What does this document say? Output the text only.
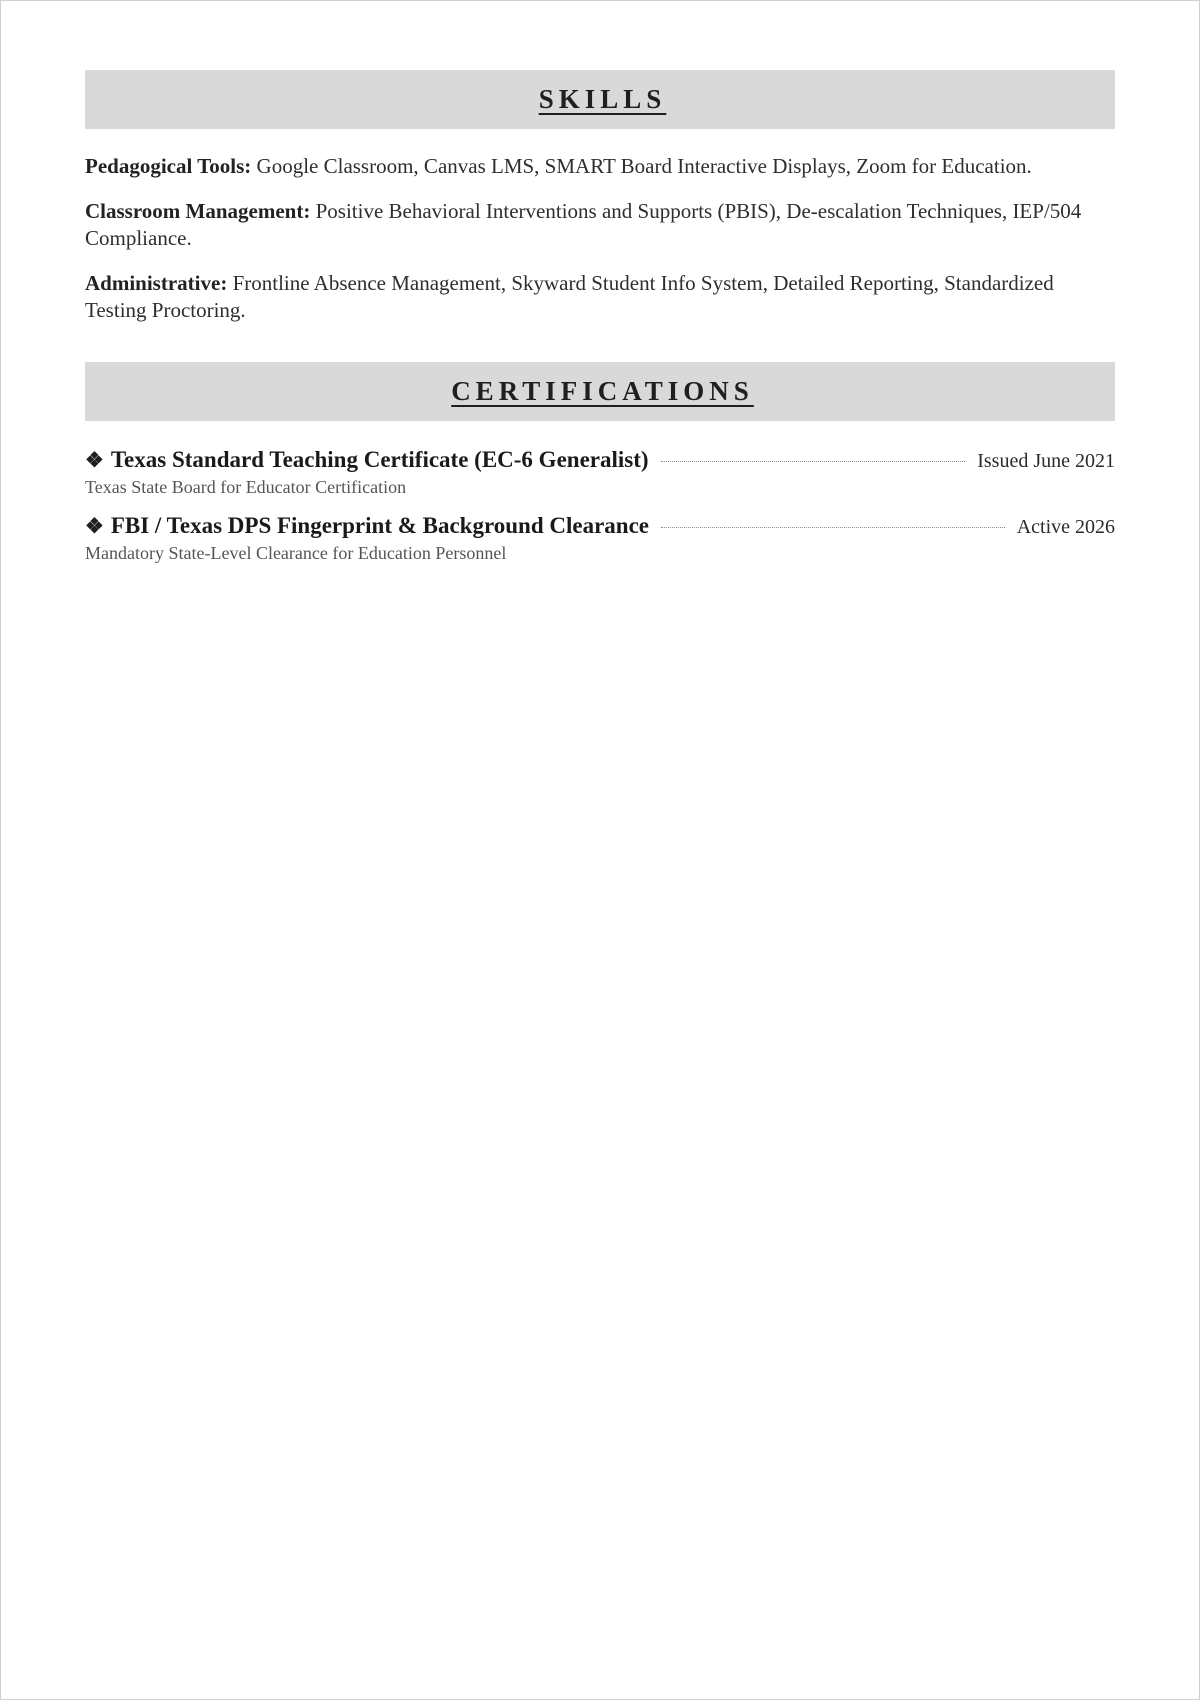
SKILLS

Pedagogical Tools: Google Classroom, Canvas LMS, SMART Board Interactive Displays, Zoom for Education.

Classroom Management: Positive Behavioral Interventions and Supports (PBIS), De-escalation Techniques, IEP/504 Compliance.

Administrative: Frontline Absence Management, Skyward Student Info System, Detailed Reporting, Standardized Testing Proctoring.

CERTIFICATIONS
❖ Texas Standard Teaching Certificate (EC-6 Generalist)	Issued June 2021
Texas State Board for Educator Certification
❖ FBI / Texas DPS Fingerprint & Background Clearance	Active 2026
Mandatory State-Level Clearance for Education Personnel
